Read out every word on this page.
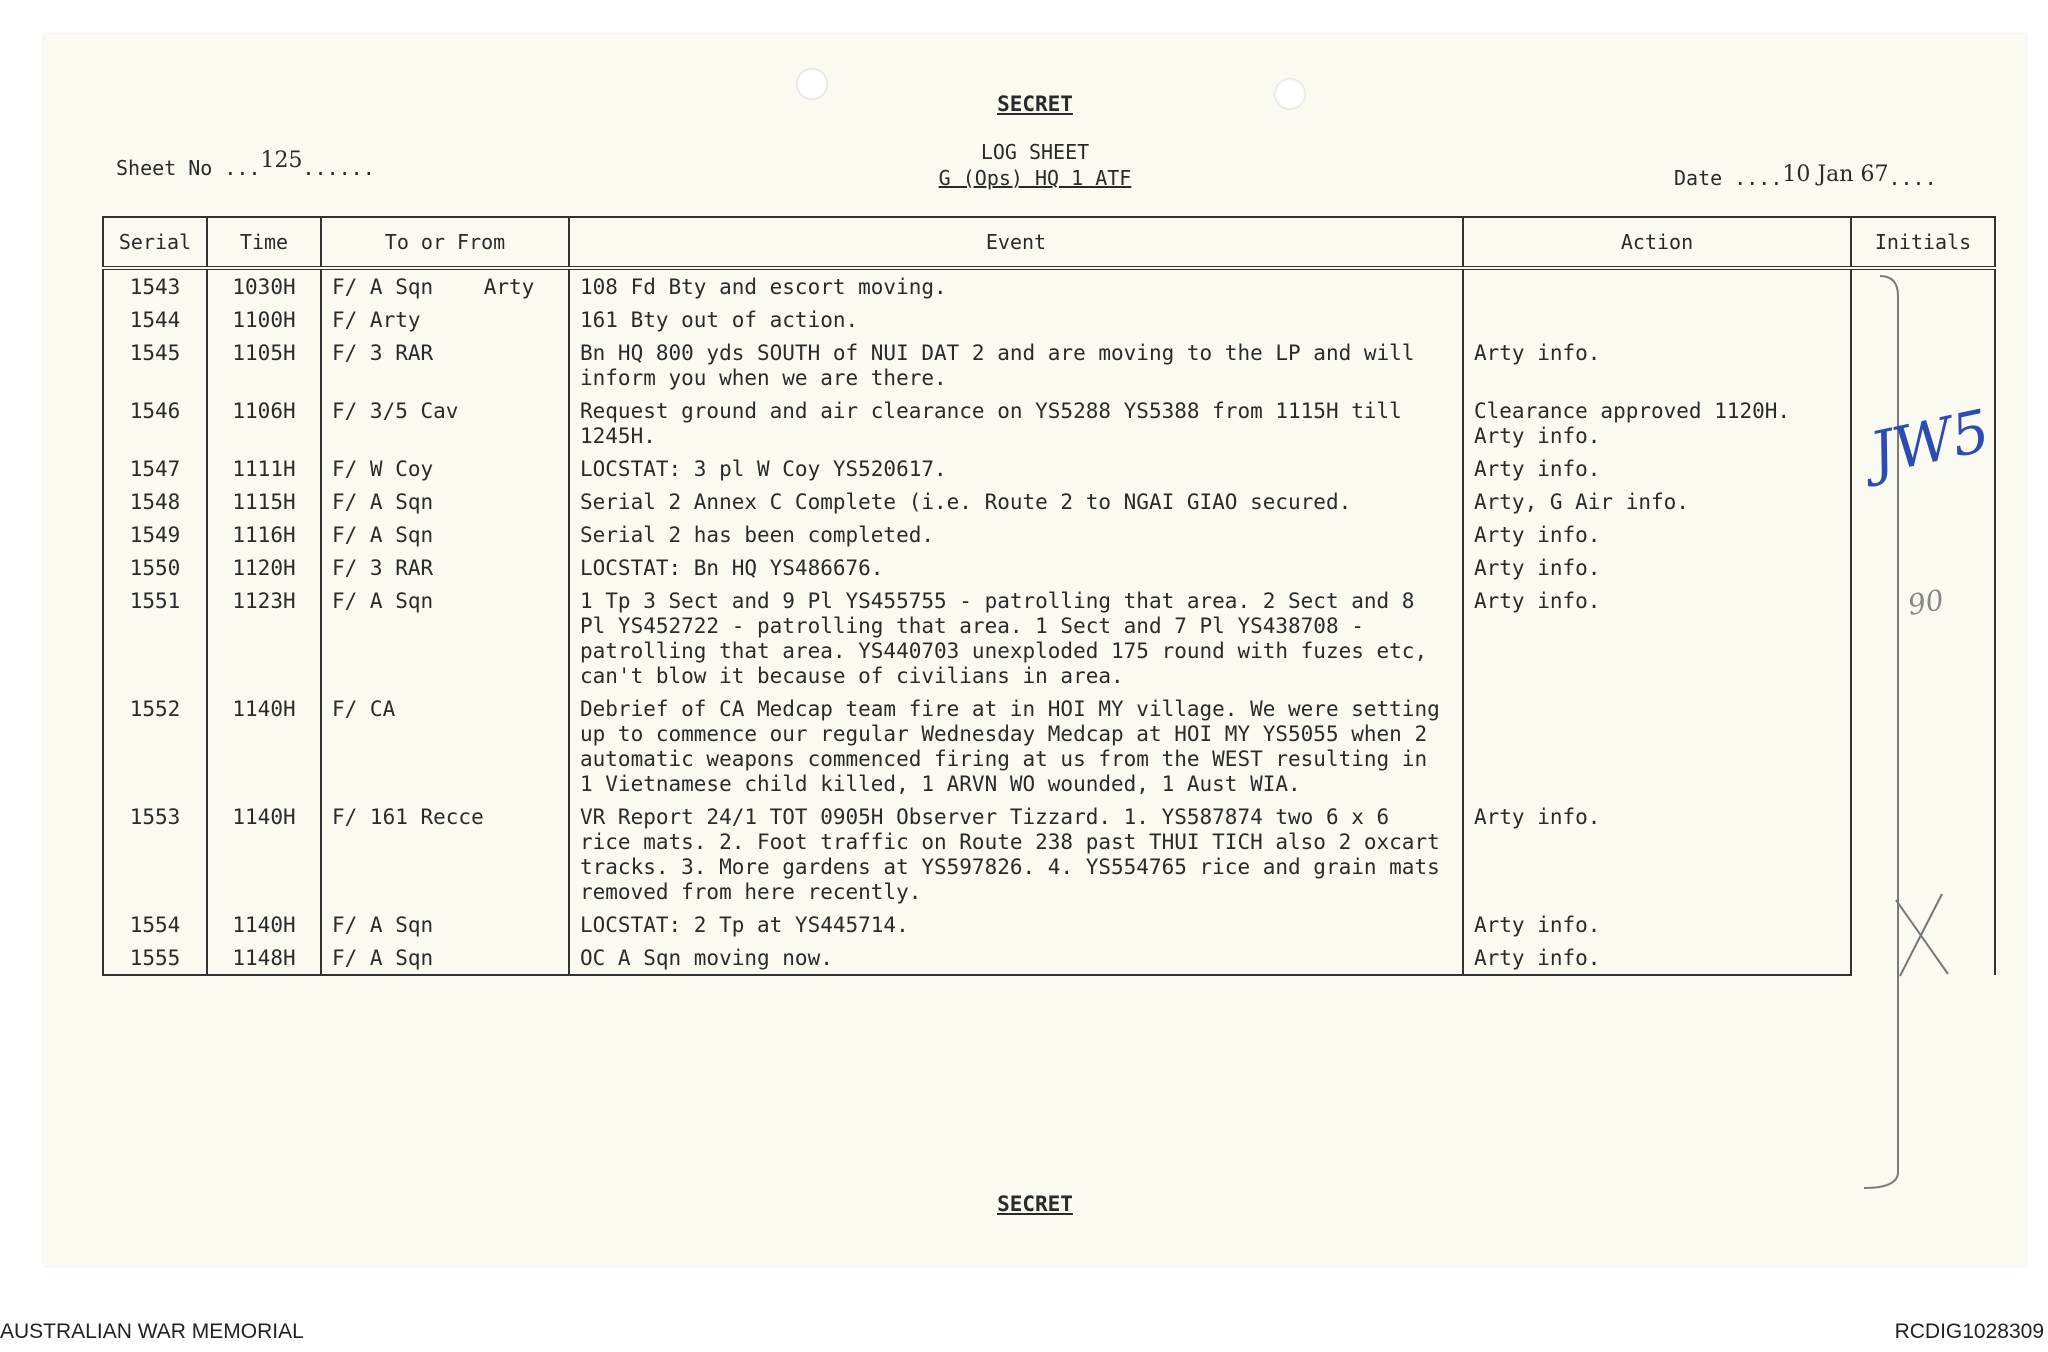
SECRET
LOG SHEET
G (Ops) HQ 1 ATF
Sheet No ...125......	Date ....10 Jan 67....
Serial	Time	To or From	Event	Action	Initials
1543	1030H	F/ A Sqn    Arty	108 Fd Bty and escort moving.		JW5
90

1544	1100H	F/ Arty	161 Bty out of action.		
1545	1105H	F/ 3 RAR	Bn HQ 800 yds SOUTH of NUI DAT 2 and are moving to the LP and will inform you when we are there.	Arty info.	
1546	1106H	F/ 3/5 Cav	Request ground and air clearance on YS5288 YS5388 from 1115H till 1245H.	Clearance approved 1120H. Arty info.	
1547	1111H	F/ W Coy	LOCSTAT: 3 pl W Coy YS520617.	Arty info.	
1548	1115H	F/ A Sqn	Serial 2 Annex C Complete (i.e. Route 2 to NGAI GIAO secured.	Arty, G Air info.	
1549	1116H	F/ A Sqn	Serial 2 has been completed.	Arty info.	
1550	1120H	F/ 3 RAR	LOCSTAT: Bn HQ YS486676.	Arty info.	
1551	1123H	F/ A Sqn	1 Tp 3 Sect and 9 Pl YS455755 - patrolling that area. 2 Sect and 8 Pl YS452722 - patrolling that area. 1 Sect and 7 Pl YS438708 - patrolling that area. YS440703 unexploded 175 round with fuzes etc, can't blow it because of civilians in area.	Arty info.	
1552	1140H	F/ CA	Debrief of CA Medcap team fire at in HOI MY village. We were setting up to commence our regular Wednesday Medcap at HOI MY YS5055 when 2 automatic weapons commenced firing at us from the WEST resulting in 1 Vietnamese child killed, 1 ARVN WO wounded, 1 Aust WIA.		
1553	1140H	F/ 161 Recce	VR Report 24/1 TOT 0905H Observer Tizzard. 1. YS587874 two 6 x 6 rice mats. 2. Foot traffic on Route 238 past THUI TICH also 2 oxcart tracks. 3. More gardens at YS597826. 4. YS554765 rice and grain mats removed from here recently.	Arty info.	
1554	1140H	F/ A Sqn	LOCSTAT: 2 Tp at YS445714.	Arty info.	
1555	1148H	F/ A Sqn	OC A Sqn moving now.	Arty info.	
SECRET
AUSTRALIAN WAR MEMORIAL	RCDIG1028309
